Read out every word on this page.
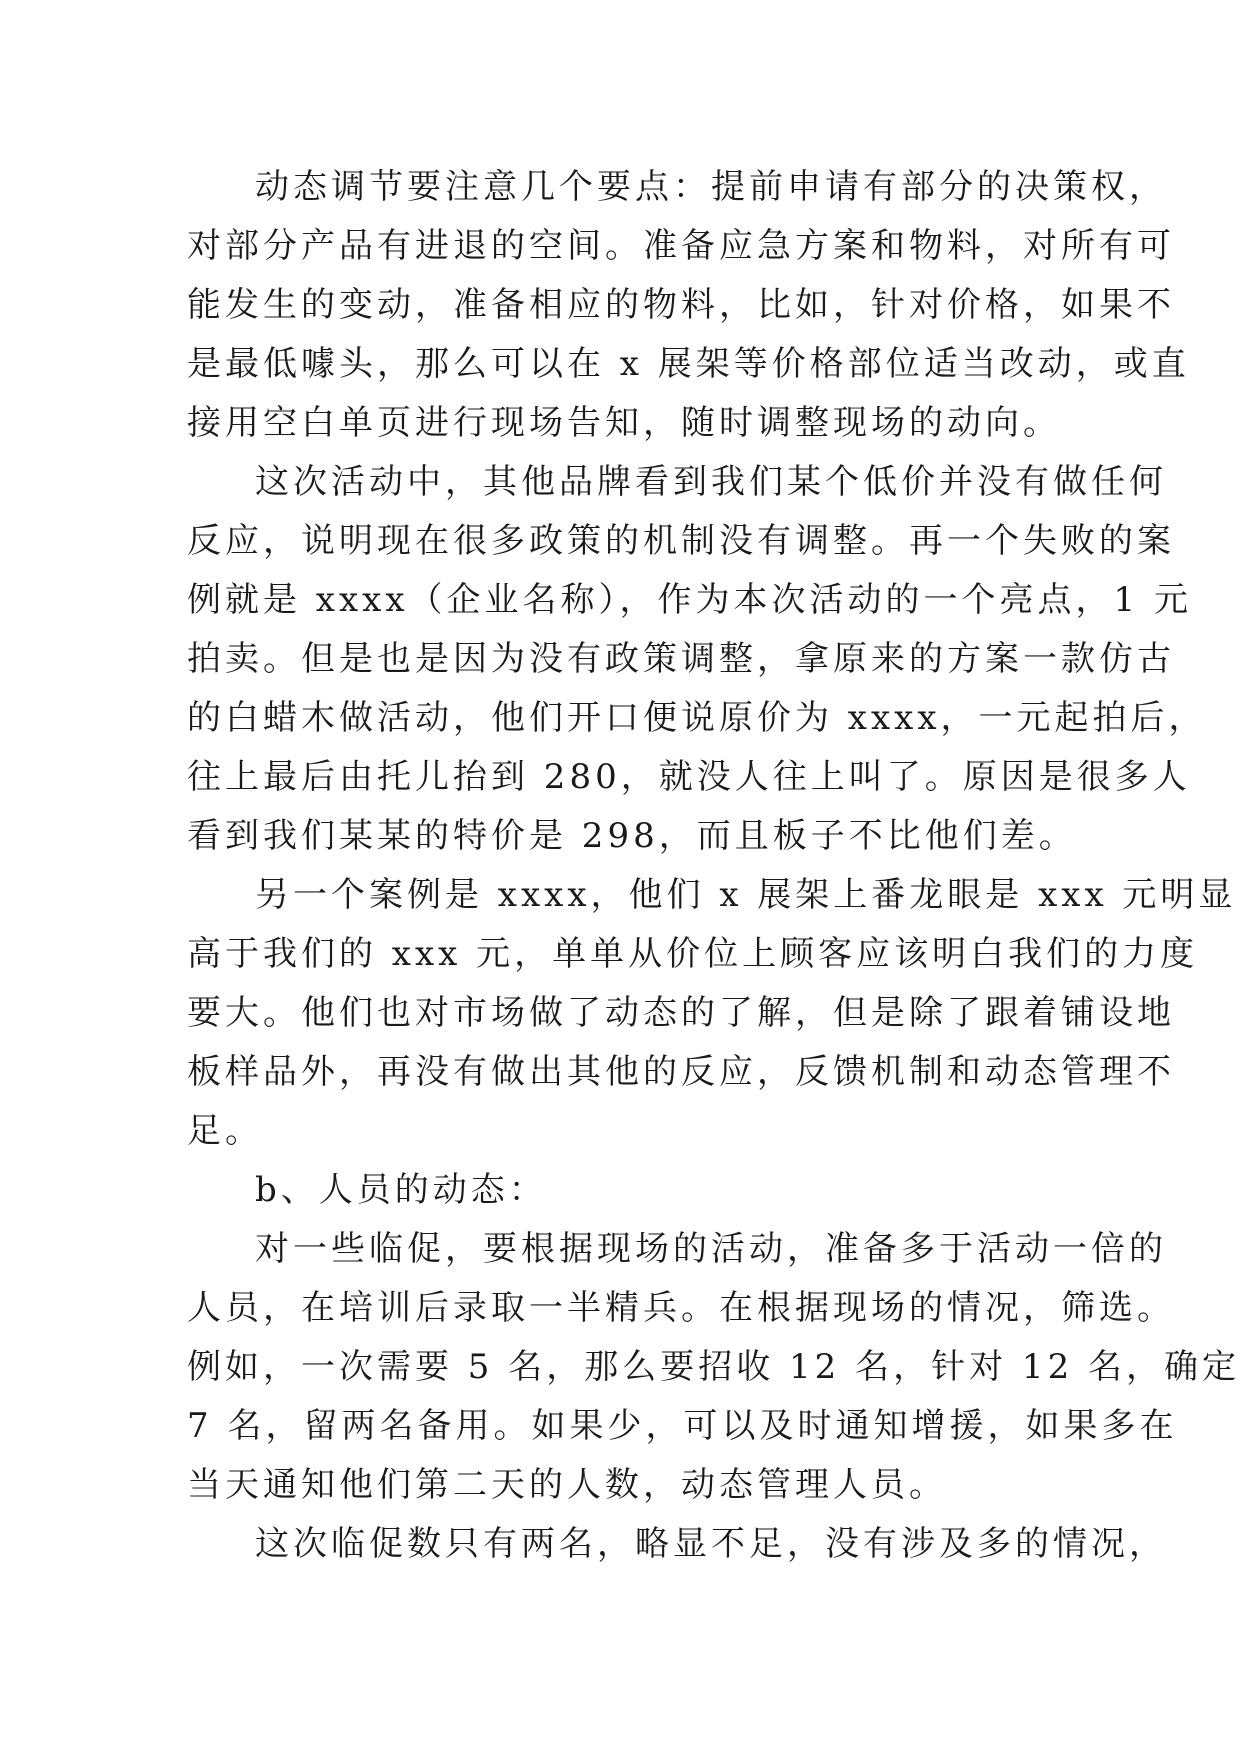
动态调节要注意几个要点：提前申请有部分的决策权，
对部分产品有进退的空间。准备应急方案和物料，对所有可
能发生的变动，准备相应的物料，比如，针对价格，如果不
是最低噱头，那么可以在 x 展架等价格部位适当改动，或直
接用空白单页进行现场告知，随时调整现场的动向。
这次活动中，其他品牌看到我们某个低价并没有做任何
反应，说明现在很多政策的机制没有调整。再一个失败的案
例就是 xxxx（企业名称），作为本次活动的一个亮点，1 元
拍卖。但是也是因为没有政策调整，拿原来的方案一款仿古
的白蜡木做活动，他们开口便说原价为 xxxx，一元起拍后，
往上最后由托儿抬到 280，就没人往上叫了。原因是很多人
看到我们某某的特价是 298，而且板子不比他们差。
另一个案例是 xxxx，他们 x 展架上番龙眼是 xxx 元明显
高于我们的 xxx 元，单单从价位上顾客应该明白我们的力度
要大。他们也对市场做了动态的了解，但是除了跟着铺设地
板样品外，再没有做出其他的反应，反馈机制和动态管理不
足。
b、人员的动态：
对一些临促，要根据现场的活动，准备多于活动一倍的
人员，在培训后录取一半精兵。在根据现场的情况，筛选。
例如，一次需要 5 名，那么要招收 12 名，针对 12 名，确定
7 名，留两名备用。如果少，可以及时通知增援，如果多在
当天通知他们第二天的人数，动态管理人员。
这次临促数只有两名，略显不足，没有涉及多的情况，
